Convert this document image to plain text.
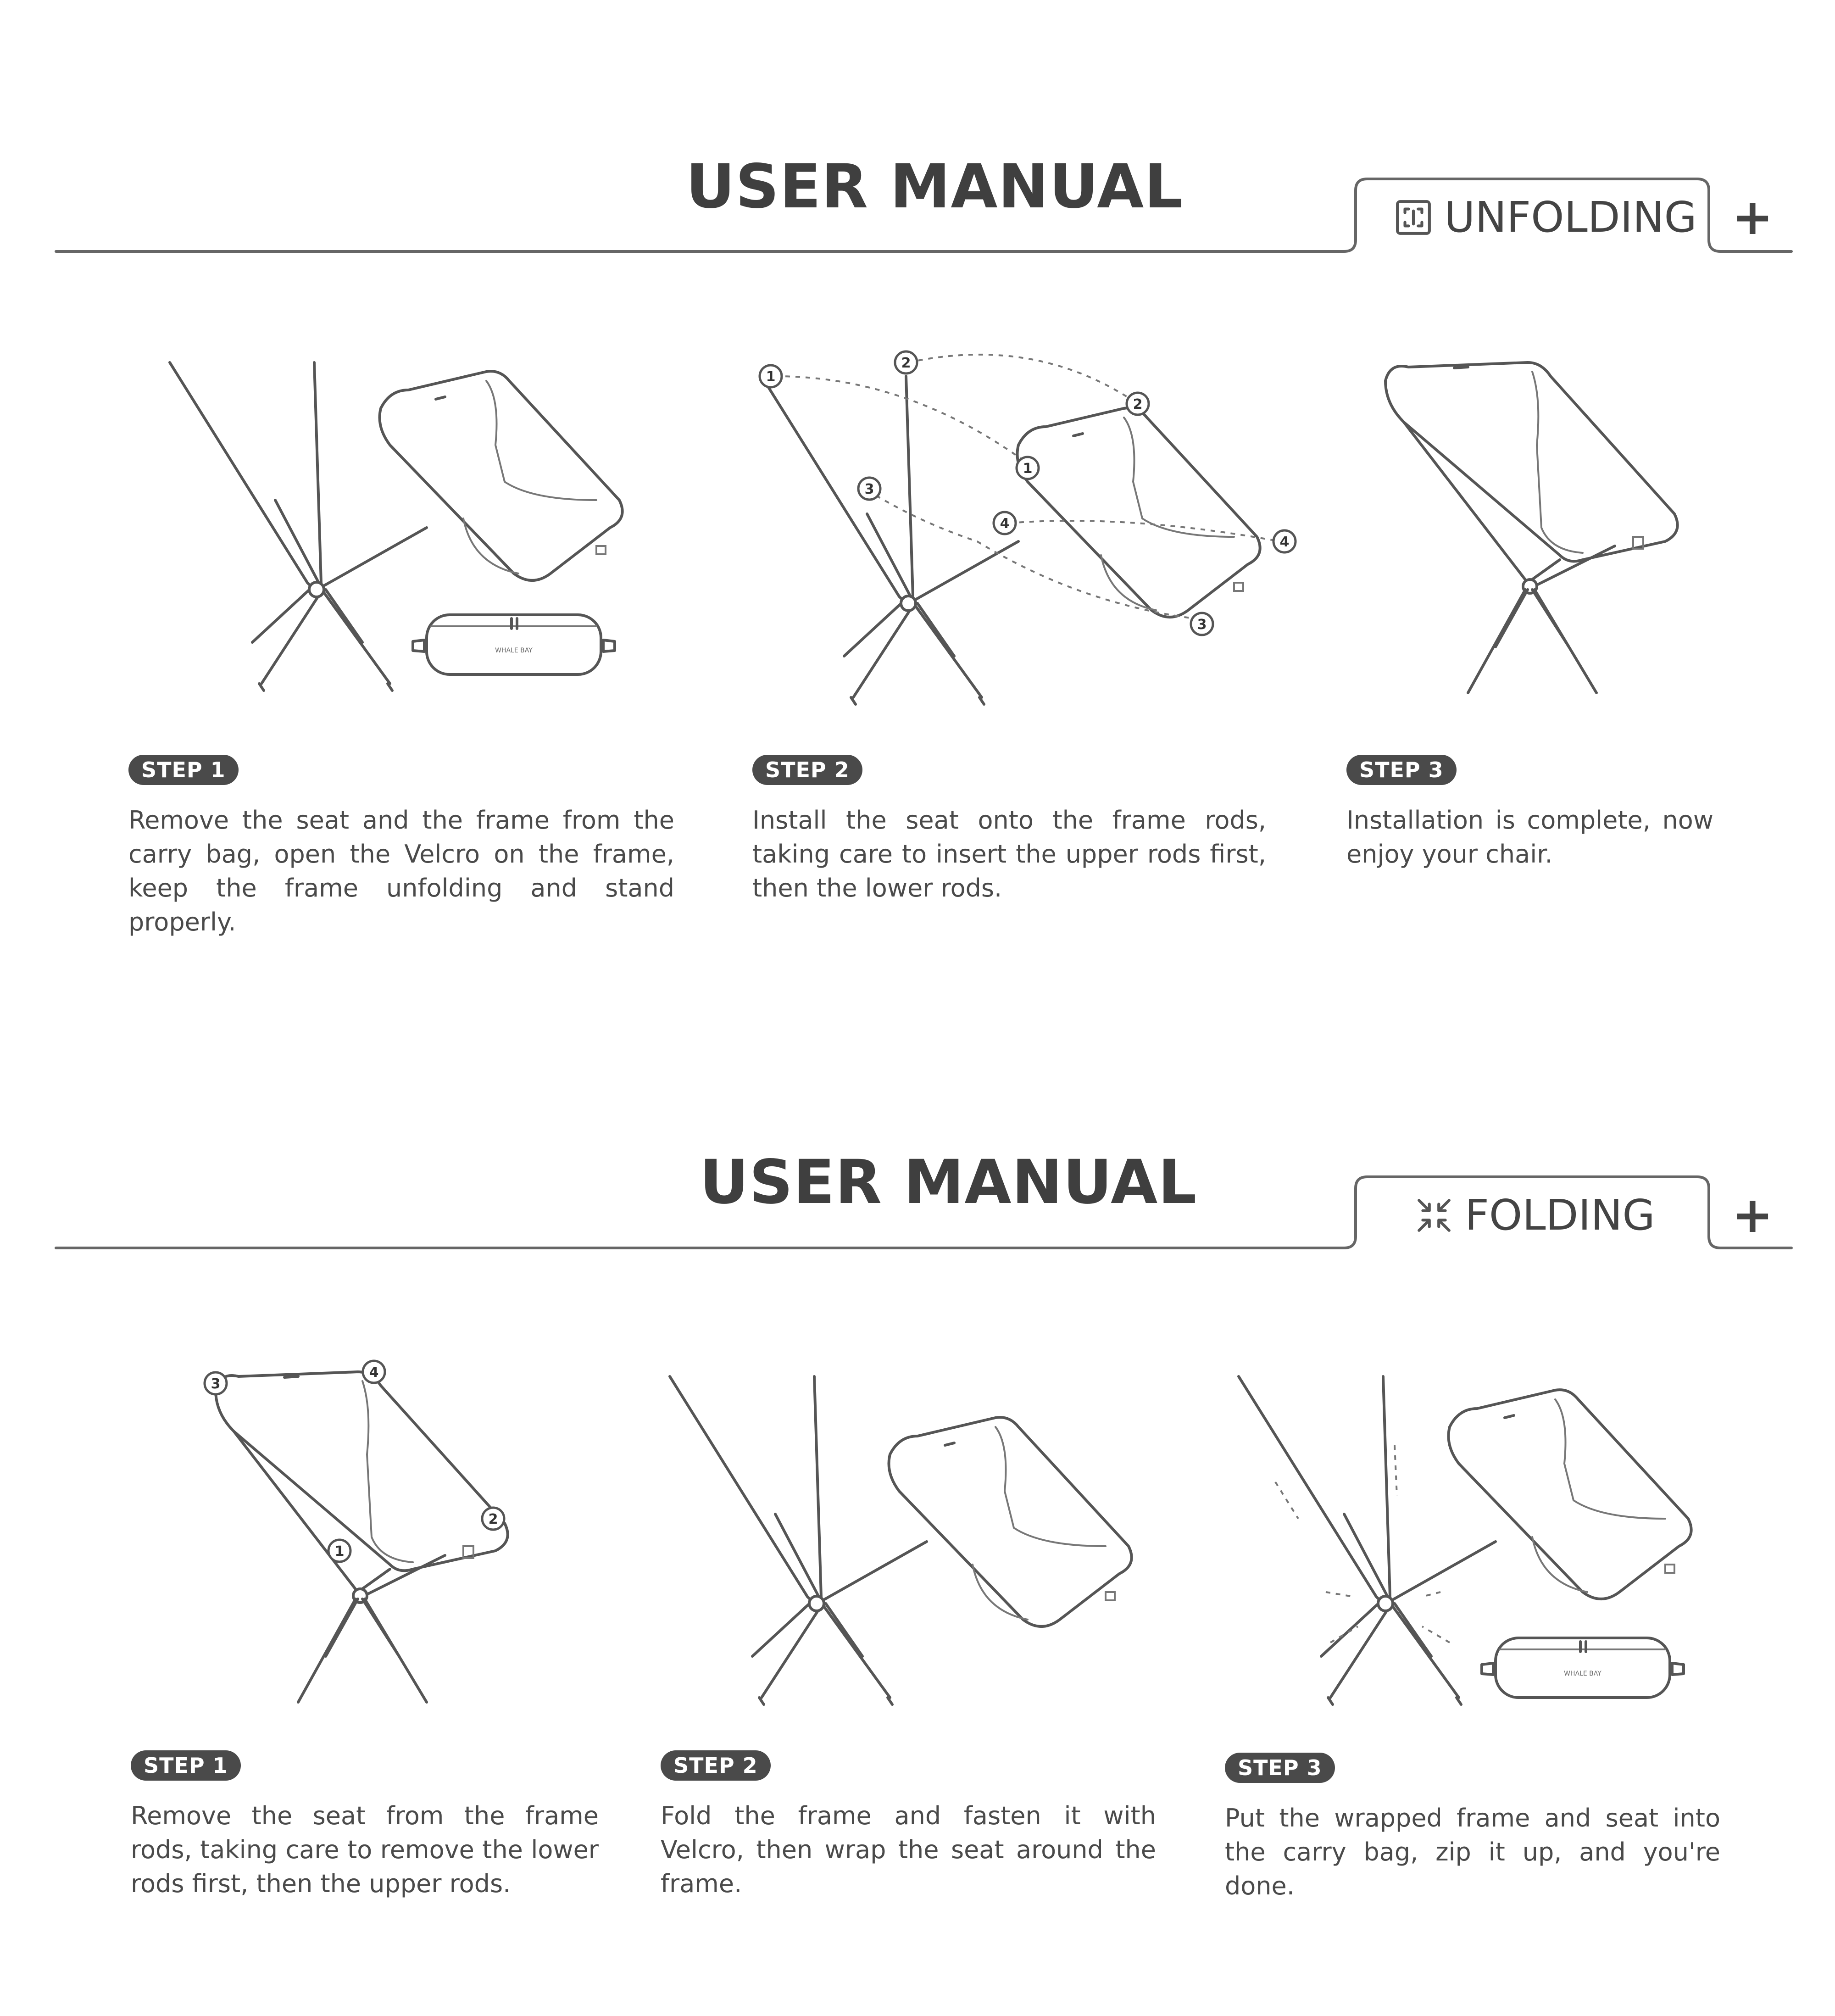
USER MANUAL	UNFOLDING +
WHALE BAY
1
2
3
4
1
2
3
4
STEP 1
Remove the seat and the frame from the carry bag, open the Velcro on the frame, keep the frame unfolding and stand properly.
STEP 2
Install the seat onto the frame rods, taking care to insert the upper rods first, then the lower rods.
STEP 3
Installation is complete, now enjoy your chair.
USER MANUAL	FOLDING +
3
4
2
1
WHALE BAY
STEP 1
Remove the seat from the frame rods, taking care to remove the lower rods first, then the upper rods.
STEP 2
Fold the frame and fasten it with Velcro, then wrap the seat around the frame.
STEP 3
Put the wrapped frame and seat into the carry bag, zip it up, and you're done.
